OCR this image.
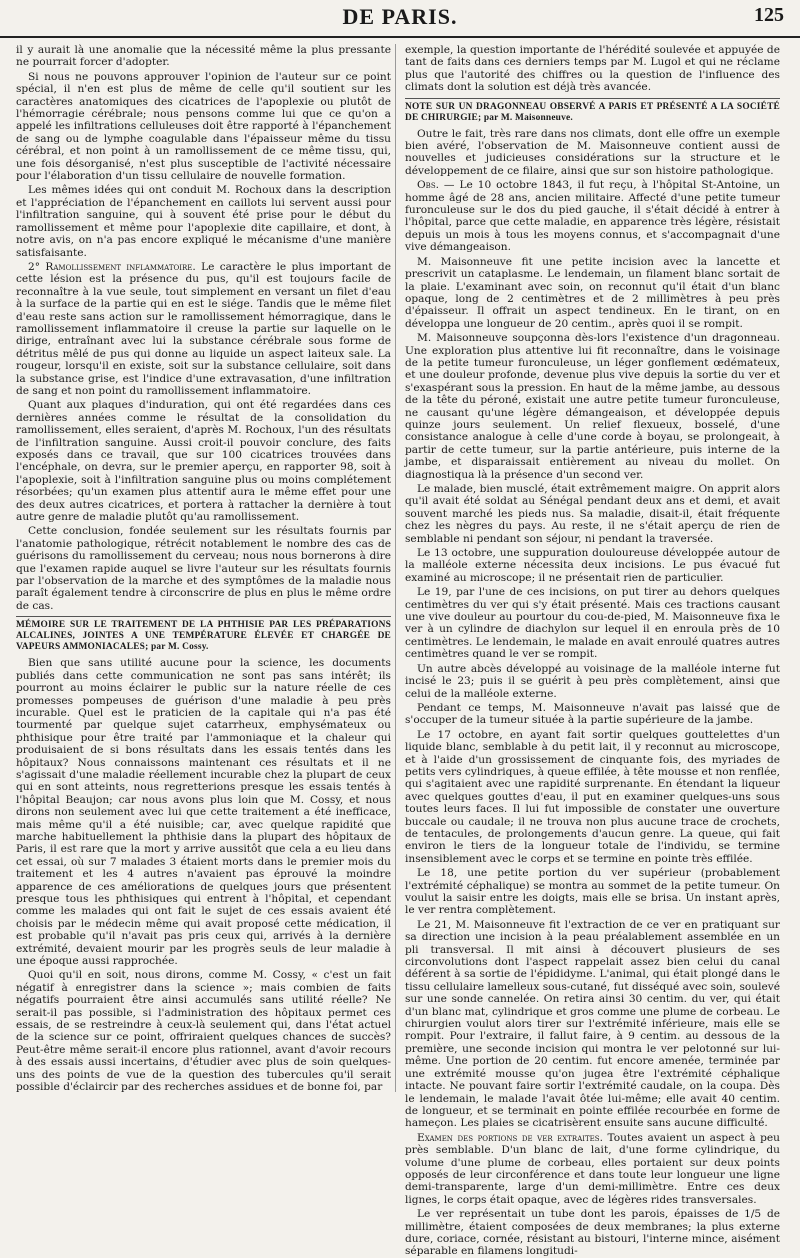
DE PARIS.	125

il y aurait là une anomalie que la nécessité même la plus pressante ne pourrait forcer d'adopter.

Si nous ne pouvons approuver l'opinion de l'auteur sur ce point spécial, il n'en est plus de même de celle qu'il soutient sur les caractères anatomiques des cicatrices de l'apoplexie ou plutôt de l'hémorragie cérébrale; nous pensons comme lui que ce qu'on a appelé les infiltrations celluleuses doit être rapporté à l'épanchement de sang ou de lymphe coagulable dans l'épaisseur même du tissu cérébral, et non point à un ramollissement de ce même tissu, qui, une fois désorganisé, n'est plus susceptible de l'activité nécessaire pour l'élaboration d'un tissu cellulaire de nouvelle formation.

Les mêmes idées qui ont conduit M. Rochoux dans la description et l'appréciation de l'épanchement en caillots lui servent aussi pour l'infiltration sanguine, qui à souvent été prise pour le début du ramollissement et même pour l'apoplexie dite capillaire, et dont, à notre avis, on n'a pas encore expliqué le mécanisme d'une manière satisfaisante.

2° Ramollissement inflammatoire. Le caractère le plus important de cette lésion est la présence du pus, qu'il est toujours facile de reconnaître à la vue seule, tout simplement en versant un filet d'eau à la surface de la partie qui en est le siége. Tandis que le même filet d'eau reste sans action sur le ramollissement hémorragique, dans le ramollissement inflammatoire il creuse la partie sur laquelle on le dirige, entraînant avec lui la substance cérébrale sous forme de détritus mêlé de pus qui donne au liquide un aspect laiteux sale. La rougeur, lorsqu'il en existe, soit sur la substance cellulaire, soit dans la substance grise, est l'indice d'une extravasation, d'une infiltration de sang et non point du ramollissement inflammatoire.

Quant aux plaques d'induration, qui ont été regardées dans ces dernières années comme le résultat de la consolidation du ramollissement, elles seraient, d'après M. Rochoux, l'un des résultats de l'infiltration sanguine. Aussi croit-il pouvoir conclure, des faits exposés dans ce travail, que sur 100 cicatrices trouvées dans l'encéphale, on devra, sur le premier aperçu, en rapporter 98, soit à l'apoplexie, soit à l'infiltration sanguine plus ou moins complétement résorbées; qu'un examen plus attentif aura le même effet pour une des deux autres cicatrices, et portera à rattacher la dernière à tout autre genre de maladie plutôt qu'au ramollissement.

Cette conclusion, fondée seulement sur les résultats fournis par l'anatomie pathologique, rétrécit notablement le nombre des cas de guérisons du ramollissement du cerveau; nous nous bornerons à dire que l'examen rapide auquel se livre l'auteur sur les résultats fournis par l'observation de la marche et des symptômes de la maladie nous paraît également tendre à circonscrire de plus en plus le même ordre de cas.

MÉMOIRE SUR LE TRAITEMENT DE LA PHTHISIE PAR LES PRÉPARATIONS ALCALINES, JOINTES A UNE TEMPÉRATURE ÉLEVÉE ET CHARGÉE DE VAPEURS AMMONIACALES; par M. Cossy.

Bien que sans utilité aucune pour la science, les documents publiés dans cette communication ne sont pas sans intérêt; ils pourront au moins éclairer le public sur la nature réelle de ces promesses pompeuses de guérison d'une maladie à peu près incurable. Quel est le praticien de la capitale qui n'a pas été tourmenté par quelque sujet catarrheux, emphysémateux ou phthisique pour être traité par l'ammoniaque et la chaleur qui produisaient de si bons résultats dans les essais tentés dans les hôpitaux? Nous connaissons maintenant ces résultats et il ne s'agissait d'une maladie réellement incurable chez la plupart de ceux qui en sont atteints, nous regretterions presque les essais tentés à l'hôpital Beaujon; car nous avons plus loin que M. Cossy, et nous dirons non seulement avec lui que cette traitement a été inefficace, mais même qu'il a été nuisible; car, avec quelque rapidité que marche habituellement la phthisie dans la plupart des hôpitaux de Paris, il est rare que la mort y arrive aussitôt que cela a eu lieu dans cet essai, où sur 7 malades 3 étaient morts dans le premier mois du traitement et les 4 autres n'avaient pas éprouvé la moindre apparence de ces améliorations de quelques jours que présentent presque tous les phthisiques qui entrent à l'hôpital, et cependant comme les malades qui ont fait le sujet de ces essais avaient été choisis par le médecin même qui avait proposé cette médication, il est probable qu'il n'avait pas pris ceux qui, arrivés à la dernière extrémité, devaient mourir par les progrès seuls de leur maladie à une époque aussi rapprochée.

Quoi qu'il en soit, nous dirons, comme M. Cossy, « c'est un fait négatif à enregistrer dans la science »; mais combien de faits négatifs pourraient être ainsi accumulés sans utilité réelle? Ne serait-il pas possible, si l'administration des hôpitaux permet ces essais, de se restreindre à ceux-là seulement qui, dans l'état actuel de la science sur ce point, offriraient quelques chances de succès? Peut-être même serait-il encore plus rationnel, avant d'avoir recours à des essais aussi incertains, d'étudier avec plus de soin quelques-uns des points de vue de la question des tubercules qu'il serait possible d'éclaircir par des recherches assidues et de bonne foi, par

exemple, la question importante de l'hérédité soulevée et appuyée de tant de faits dans ces derniers temps par M. Lugol et qui ne réclame plus que l'autorité des chiffres ou la question de l'influence des climats dont la solution est déjà très avancée.

NOTE SUR UN DRAGONNEAU OBSERVÉ A PARIS ET PRÉSENTÉ A LA SOCIÉTÉ DE CHIRURGIE; par M. Maisonneuve.

Outre le fait, très rare dans nos climats, dont elle offre un exemple bien avéré, l'observation de M. Maisonneuve contient aussi de nouvelles et judicieuses considérations sur la structure et le développement de ce filaire, ainsi que sur son histoire pathologique.

Obs. — Le 10 octobre 1843, il fut reçu, à l'hôpital St-Antoine, un homme âgé de 28 ans, ancien militaire. Affecté d'une petite tumeur furonculeuse sur le dos du pied gauche, il s'était décidé à entrer à l'hôpital, parce que cette maladie, en apparence très légère, résistait depuis un mois à tous les moyens connus, et s'accompagnait d'une vive démangeaison.

M. Maisonneuve fit une petite incision avec la lancette et prescrivit un cataplasme. Le lendemain, un filament blanc sortait de la plaie. L'examinant avec soin, on reconnut qu'il était d'un blanc opaque, long de 2 centimètres et de 2 millimètres à peu près d'épaisseur. Il offrait un aspect tendineux. En le tirant, on en développa une longueur de 20 centim., après quoi il se rompit.

M. Maisonneuve soupçonna dès-lors l'existence d'un dragonneau. Une exploration plus attentive lui fit reconnaître, dans le voisinage de la petite tumeur furonculeuse, un léger gonflement œdémateux, et une douleur profonde, devenue plus vive depuis la sortie du ver et s'exaspérant sous la pression. En haut de la même jambe, au dessous de la tête du péroné, existait une autre petite tumeur furonculeuse, ne causant qu'une légère démangeaison, et développée depuis quinze jours seulement. Un relief flexueux, bosselé, d'une consistance analogue à celle d'une corde à boyau, se prolongeait, à partir de cette tumeur, sur la partie antérieure, puis interne de la jambe, et disparaissait entièrement au niveau du mollet. On diagnostiqua là la présence d'un second ver.

Le malade, bien musclé, était extrêmement maigre. On apprit alors qu'il avait été soldat au Sénégal pendant deux ans et demi, et avait souvent marché les pieds nus. Sa maladie, disait-il, était fréquente chez les nègres du pays. Au reste, il ne s'était aperçu de rien de semblable ni pendant son séjour, ni pendant la traversée.

Le 13 octobre, une suppuration douloureuse développée autour de la malléole externe nécessita deux incisions. Le pus évacué fut examiné au microscope; il ne présentait rien de particulier.

Le 19, par l'une de ces incisions, on put tirer au dehors quelques centimètres du ver qui s'y était présenté. Mais ces tractions causant une vive douleur au pourtour du cou-de-pied, M. Maisonneuve fixa le ver à un cylindre de diachylon sur lequel il en enroula près de 10 centimètres. Le lendemain, le malade en avait enroulé quatres autres centimètres quand le ver se rompit.

Un autre abcès développé au voisinage de la malléole interne fut incisé le 23; puis il se guérit à peu près complètement, ainsi que celui de la malléole externe.

Pendant ce temps, M. Maisonneuve n'avait pas laissé que de s'occuper de la tumeur située à la partie supérieure de la jambe.

Le 17 octobre, en ayant fait sortir quelques gouttelettes d'un liquide blanc, semblable à du petit lait, il y reconnut au microscope, et à l'aide d'un grossissement de cinquante fois, des myriades de petits vers cylindriques, à queue effilée, à tête mousse et non renflée, qui s'agitaient avec une rapidité surprenante. En étendant la liqueur avec quelques gouttes d'eau, il put en examiner quelques-uns sous toutes leurs faces. Il lui fut impossible de constater une ouverture buccale ou caudale; il ne trouva non plus aucune trace de crochets, de tentacules, de prolongements d'aucun genre. La queue, qui fait environ le tiers de la longueur totale de l'individu, se termine insensiblement avec le corps et se termine en pointe très effilée.

Le 18, une petite portion du ver supérieur (probablement l'extrémité céphalique) se montra au sommet de la petite tumeur. On voulut la saisir entre les doigts, mais elle se brisa. Un instant après, le ver rentra complètement.

Le 21, M. Maisonneuve fit l'extraction de ce ver en pratiquant sur sa direction une incision à la peau préalablement assemblée en un pli transversal. Il mit ainsi à découvert plusieurs de ses circonvolutions dont l'aspect rappelait assez bien celui du canal déférent à sa sortie de l'épididyme. L'animal, qui était plongé dans le tissu cellulaire lamelleux sous-cutané, fut disséqué avec soin, soulevé sur une sonde cannelée. On retira ainsi 30 centim. du ver, qui était d'un blanc mat, cylindrique et gros comme une plume de corbeau. Le chirurgien voulut alors tirer sur l'extrémité inférieure, mais elle se rompit. Pour l'extraire, il fallut faire, à 9 centim. au dessous de la première, une seconde incision qui montra le ver pelotonné sur lui-même. Une portion de 20 centim. fut encore amenée, terminée par une extrémité mousse qu'on jugea être l'extrémité céphalique intacte. Ne pouvant faire sortir l'extrémité caudale, on la coupa. Dès le lendemain, le malade l'avait ôtée lui-même; elle avait 40 centim. de longueur, et se terminait en pointe effilée recourbée en forme de hameçon. Les plaies se cicatrisèrent ensuite sans aucune difficulté.

Examen des portions de ver extraites. Toutes avaient un aspect à peu près semblable. D'un blanc de lait, d'une forme cylindrique, du volume d'une plume de corbeau, elles portaient sur deux points opposés de leur circonférence et dans toute leur longueur une ligne demi-transparente, large d'un demi-millimètre. Entre ces deux lignes, le corps était opaque, avec de légères rides transversales.

Le ver représentait un tube dont les parois, épaisses de 1/5 de millimètre, étaient composées de deux membranes; la plus externe dure, coriace, cornée, résistant au bistouri, l'interne mince, aisément séparable en filamens longitudi-
